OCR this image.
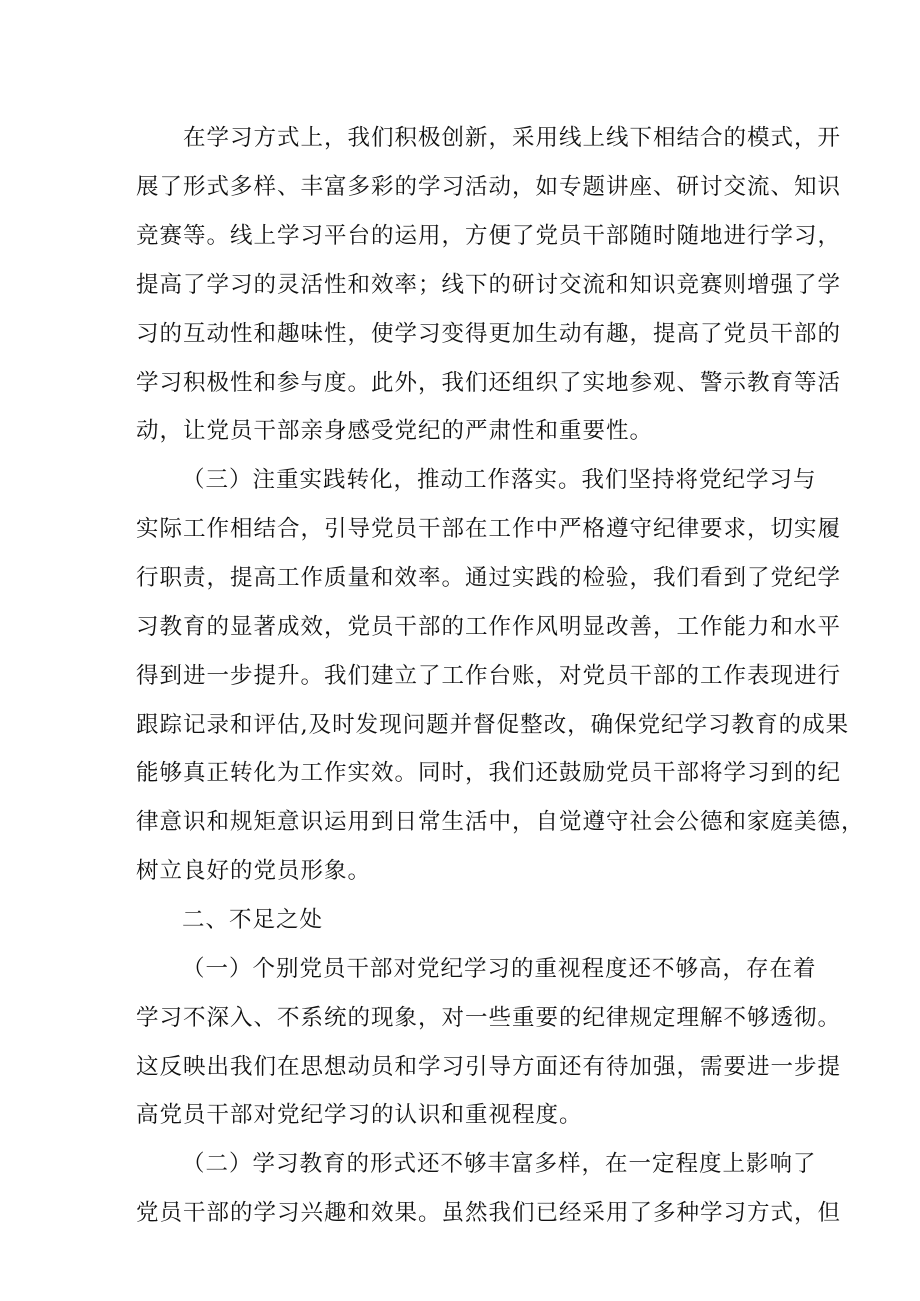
在学习方式上，我们积极创新，采用线上线下相结合的模式，开

展了形式多样、丰富多彩的学习活动，如专题讲座、研讨交流、知识

竞赛等。线上学习平台的运用，方便了党员干部随时随地进行学习，

提高了学习的灵活性和效率；线下的研讨交流和知识竞赛则增强了学

习的互动性和趣味性，使学习变得更加生动有趣，提高了党员干部的

学习积极性和参与度。此外，我们还组织了实地参观、警示教育等活

动，让党员干部亲身感受党纪的严肃性和重要性。

（三）注重实践转化，推动工作落实。我们坚持将党纪学习与

实际工作相结合，引导党员干部在工作中严格遵守纪律要求，切实履

行职责，提高工作质量和效率。通过实践的检验，我们看到了党纪学

习教育的显著成效，党员干部的工作作风明显改善，工作能力和水平

得到进一步提升。我们建立了工作台账，对党员干部的工作表现进行

跟踪记录和评估,及时发现问题并督促整改，确保党纪学习教育的成果

能够真正转化为工作实效。同时，我们还鼓励党员干部将学习到的纪

律意识和规矩意识运用到日常生活中，自觉遵守社会公德和家庭美德，

树立良好的党员形象。

二、不足之处

（一）个别党员干部对党纪学习的重视程度还不够高，存在着

学习不深入、不系统的现象，对一些重要的纪律规定理解不够透彻。

这反映出我们在思想动员和学习引导方面还有待加强，需要进一步提

高党员干部对党纪学习的认识和重视程度。

（二）学习教育的形式还不够丰富多样，在一定程度上影响了

党员干部的学习兴趣和效果。虽然我们已经采用了多种学习方式，但
